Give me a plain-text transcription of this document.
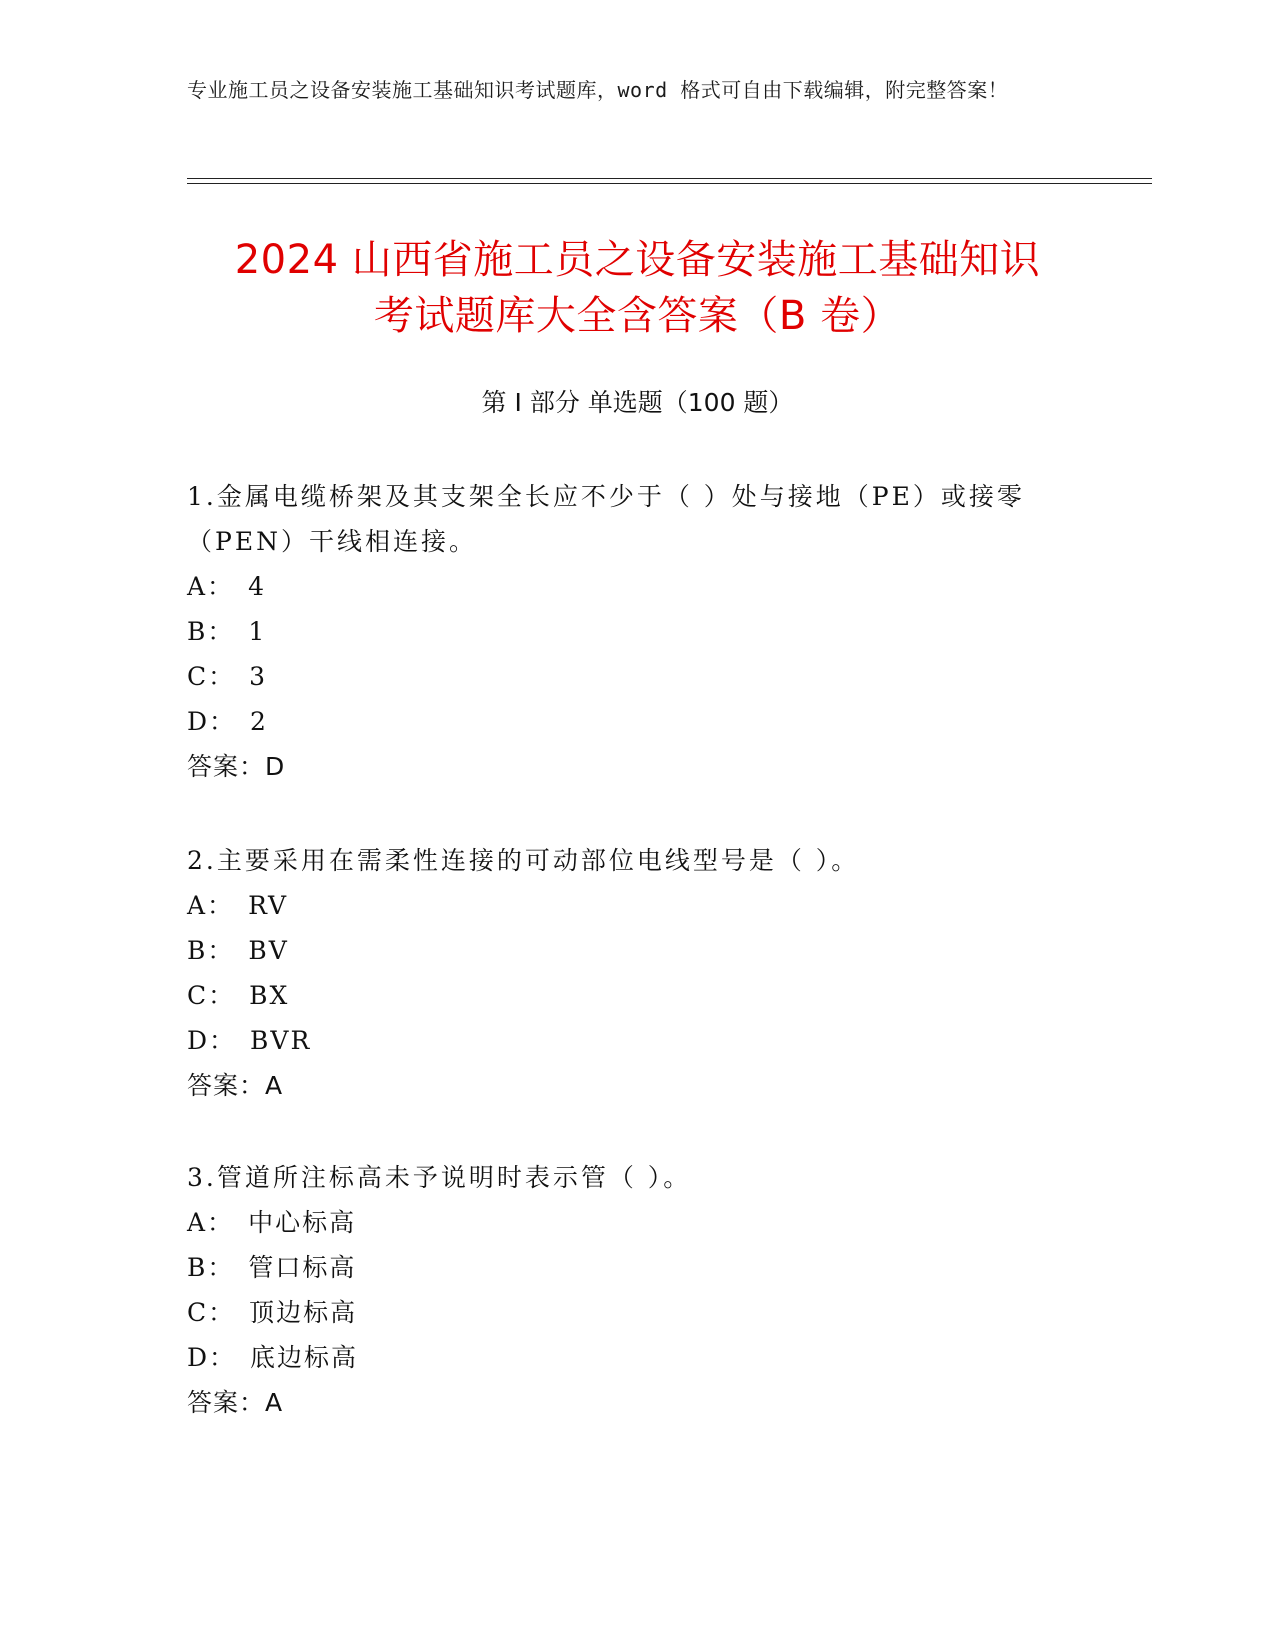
专业施工员之设备安装施工基础知识考试题库，word 格式可自由下载编辑，附完整答案！
2024 山西省施工员之设备安装施工基础知识
考试题库大全含答案（B 卷）
第 I 部分 单选题（100 题）
1.金属电缆桥架及其支架全长应不少于（ ）处与接地（PE）或接零（PEN）干线相连接。
A： 4
B： 1
C： 3
D： 2
答案：D
2.主要采用在需柔性连接的可动部位电线型号是（ ）。
A： RV
B： BV
C： BX
D： BVR
答案：A
3.管道所注标高未予说明时表示管（ ）。
A： 中心标高
B： 管口标高
C： 顶边标高
D： 底边标高
答案：A
